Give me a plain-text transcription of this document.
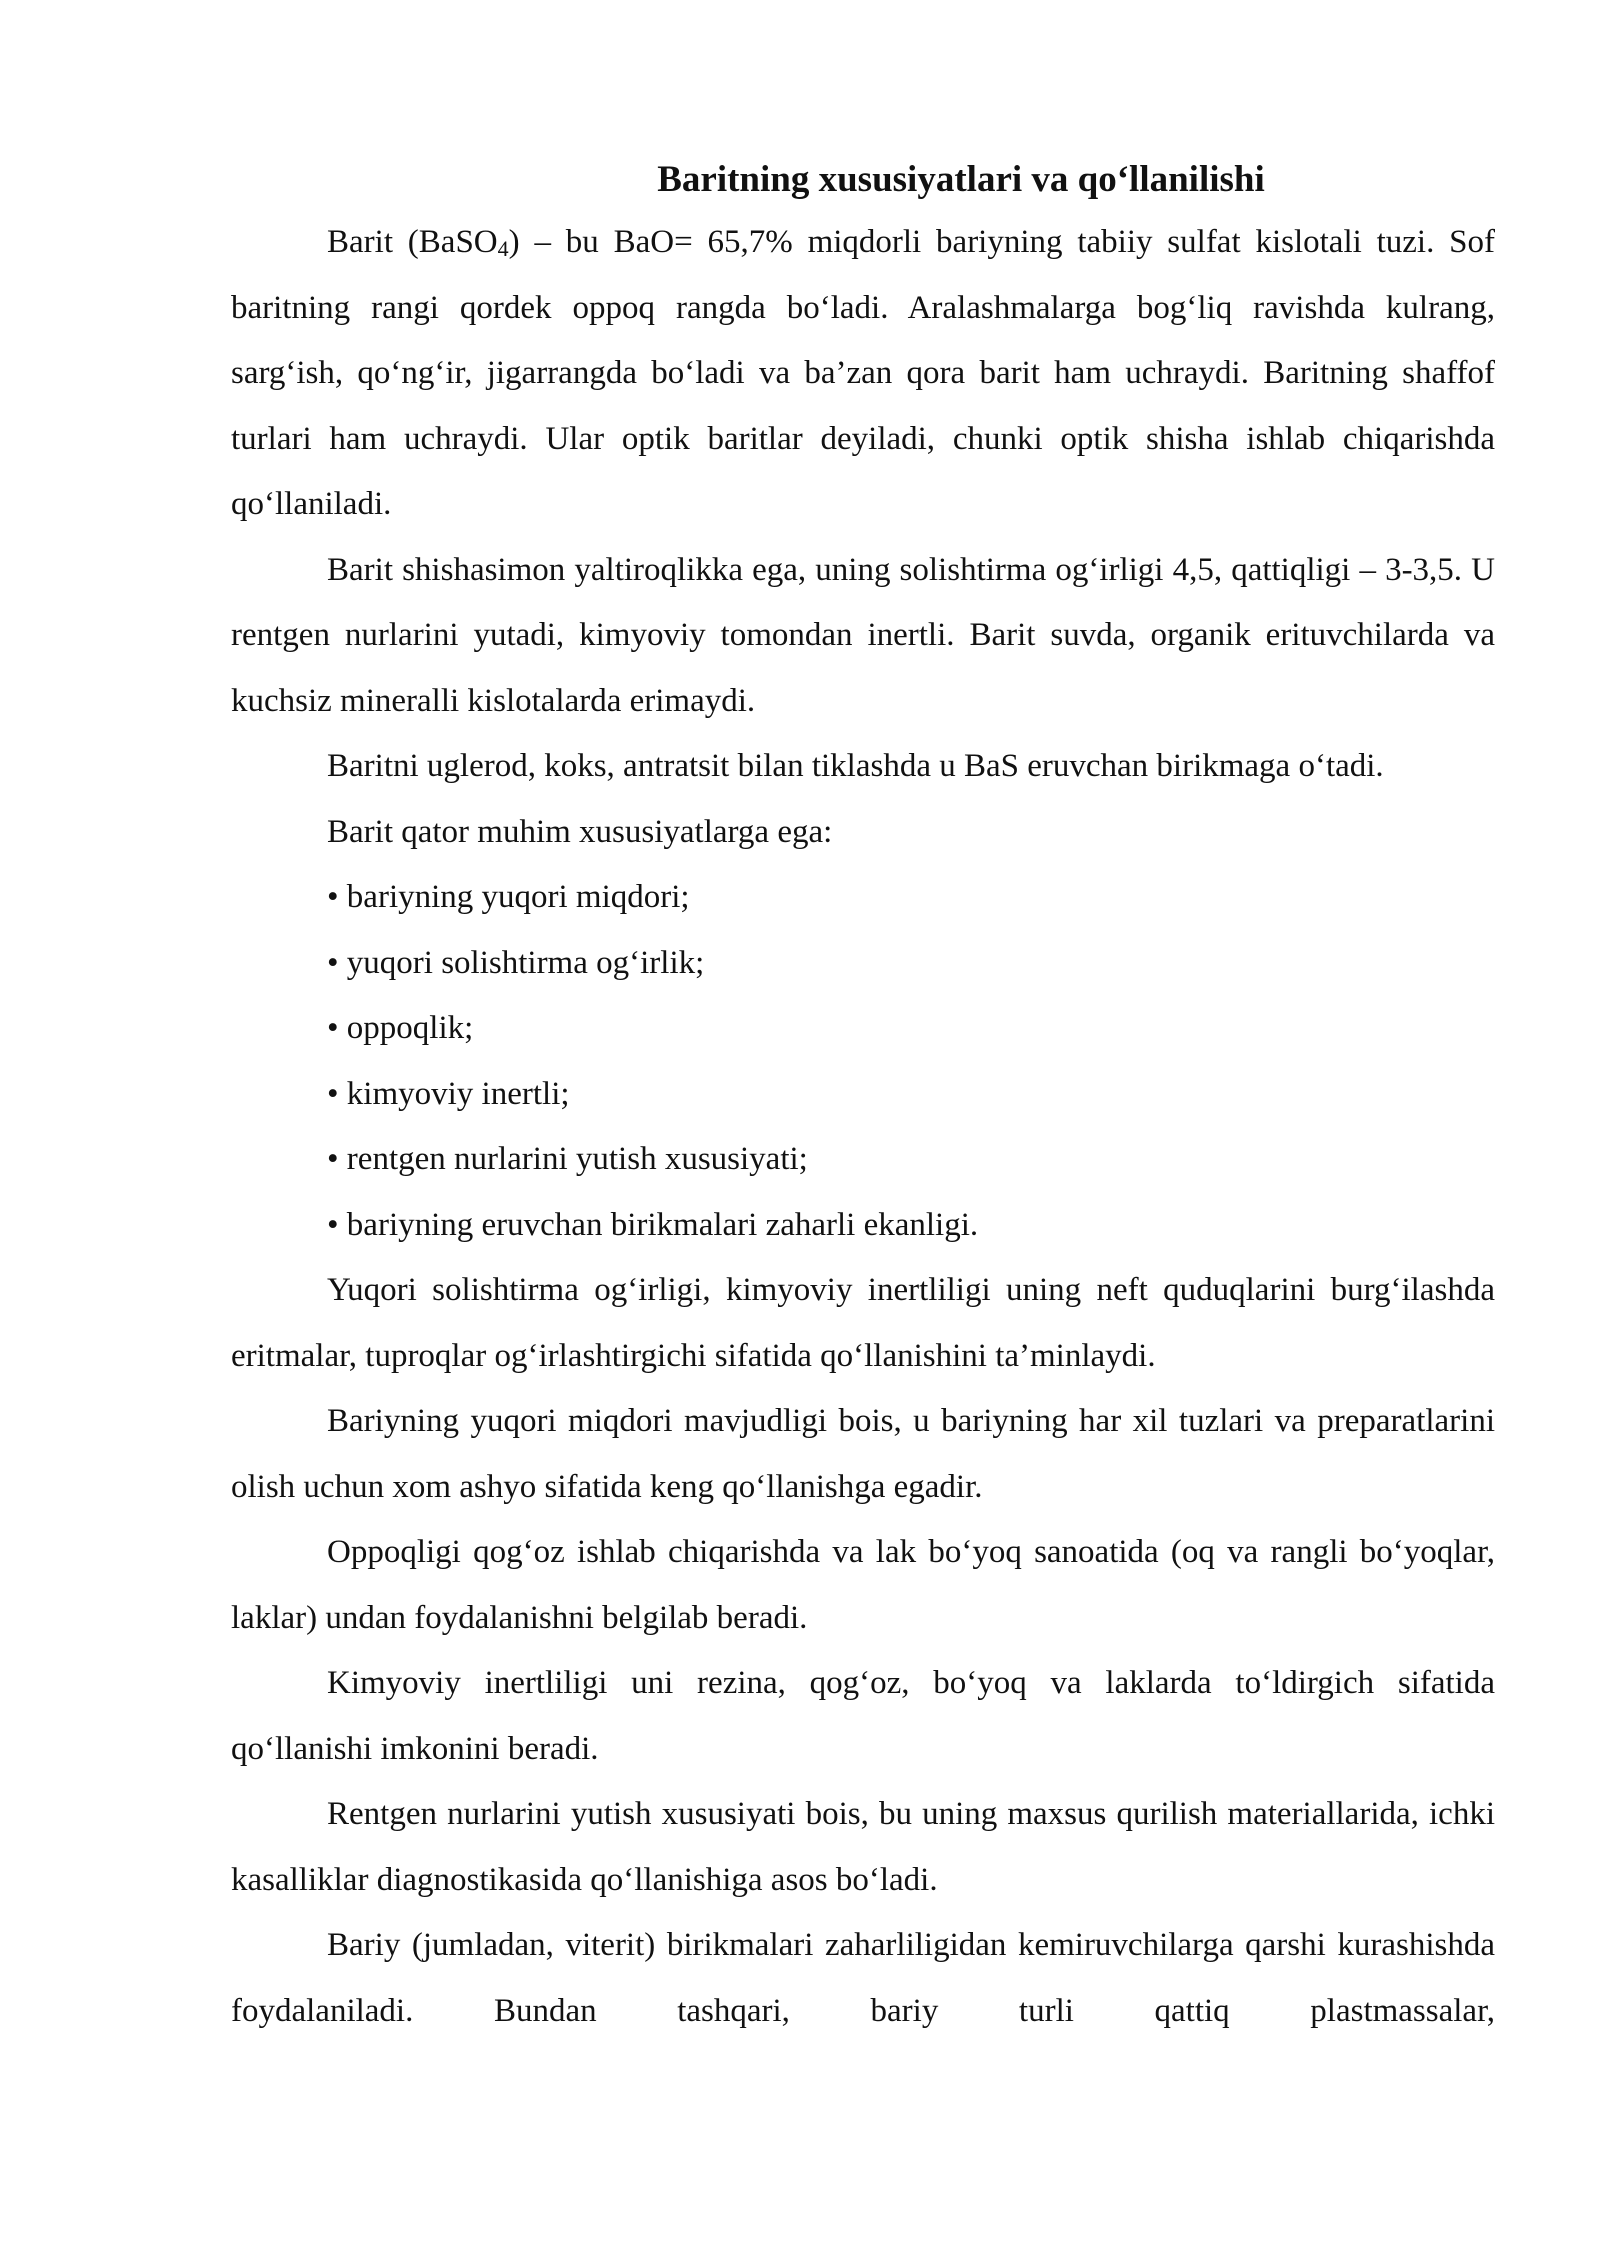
Baritning xususiyatlari va qo‘llanilishi

Barit (BaSO$_4$) – bu BaO= 65,7% miqdorli bariyning tabiiy sulfat kislotali tuzi. Sof baritning rangi qordek oppoq rangda bo‘ladi. Aralashmalarga bog‘liq ravishda kulrang, sarg‘ish, qo‘ng‘ir, jigarrangda bo‘ladi va ba’zan qora barit ham uchraydi. Baritning shaffof turlari ham uchraydi. Ular optik baritlar deyiladi, chunki optik shisha ishlab chiqarishda qo‘llaniladi.

Barit shishasimon yaltiroqlikka ega, uning solishtirma og‘irligi 4,5, qattiqligi – 3-3,5. U rentgen nurlarini yutadi, kimyoviy tomondan inertli. Barit suvda, organik erituvchilarda va kuchsiz mineralli kislotalarda erimaydi.

Baritni uglerod, koks, antratsit bilan tiklashda u BaS eruvchan birikmaga o‘tadi.

Barit qator muhim xususiyatlarga ega:

• bariyning yuqori miqdori;

• yuqori solishtirma og‘irlik;

• oppoqlik;

• kimyoviy inertli;

• rentgen nurlarini yutish xususiyati;

• bariyning eruvchan birikmalari zaharli ekanligi.

Yuqori solishtirma og‘irligi, kimyoviy inertliligi uning neft quduqlarini burg‘ilashda eritmalar, tuproqlar og‘irlashtirgichi sifatida qo‘llanishini ta’minlaydi.

Bariyning yuqori miqdori mavjudligi bois, u bariyning har xil tuzlari va preparatlarini olish uchun xom ashyo sifatida keng qo‘llanishga egadir.

Oppoqligi qog‘oz ishlab chiqarishda va lak bo‘yoq sanoatida (oq va rangli bo‘yoqlar, laklar) undan foydalanishni belgilab beradi.

Kimyoviy inertliligi uni rezina, qog‘oz, bo‘yoq va laklarda to‘ldirgich sifatida qo‘llanishi imkonini beradi.

Rentgen nurlarini yutish xususiyati bois, bu uning maxsus qurilish materiallarida, ichki kasalliklar diagnostikasida qo‘llanishiga asos bo‘ladi.

Bariy (jumladan, viterit) birikmalari zaharliligidan kemiruvchilarga qarshi kurashishda foydalaniladi. Bundan tashqari, bariy turli qattiq plastmassalar,
